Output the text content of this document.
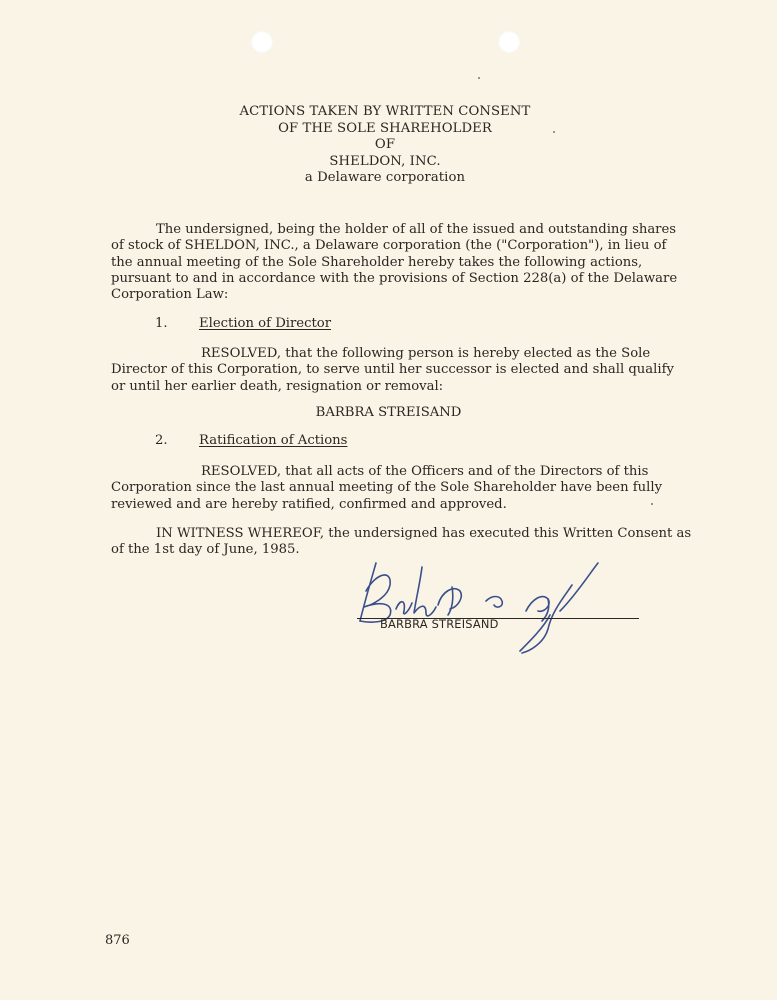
ACTIONS TAKEN BY WRITTEN CONSENT
OF THE SOLE SHAREHOLDER
OF
SHELDON, INC.
a Delaware corporation
The undersigned, being the holder of all of the issued and outstanding shares
of stock of SHELDON, INC., a Delaware corporation (the ("Corporation"), in lieu of
the annual meeting of the Sole Shareholder hereby takes the following actions,
pursuant to and in accordance with the provisions of Section 228(a) of the Delaware
Corporation Law:
1. Election of Director
RESOLVED, that the following person is hereby elected as the Sole
Director of this Corporation, to serve until her successor is elected and shall qualify
or until her earlier death, resignation or removal:
BARBRA STREISAND
2. Ratification of Actions
RESOLVED, that all acts of the Officers and of the Directors of this
Corporation since the last annual meeting of the Sole Shareholder have been fully
reviewed and are hereby ratified, confirmed and approved.
IN WITNESS WHEREOF, the undersigned has executed this Written Consent as
of the 1st day of June, 1985.
BARBRA STREISAND
876
